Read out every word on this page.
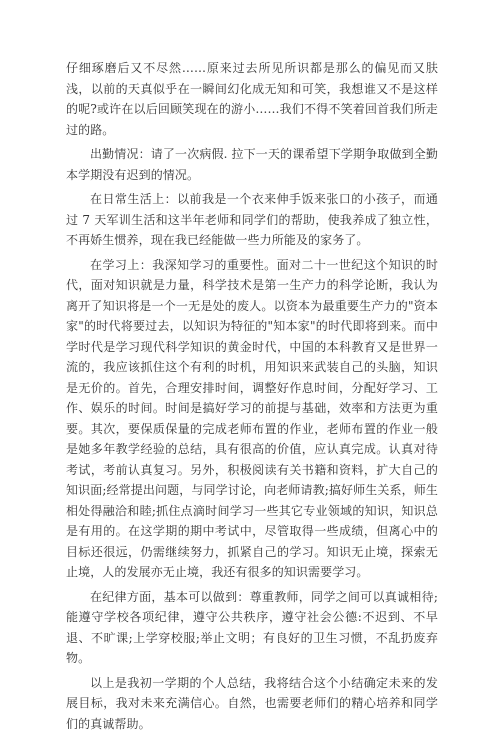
仔细琢磨后又不尽然……原来过去所见所识都是那么的偏见而又肤浅，以前的天真似乎在一瞬间幻化成无知和可笑，我想谁又不是这样的呢?或许在以后回顾笑现在的游小……我们不得不笑着回首我们所走过的路。

出勤情况：请了一次病假. 拉下一天的课希望下学期争取做到全勤本学期没有迟到的情况。

在日常生活上：以前我是一个衣来伸手饭来张口的小孩子，而通过 7 天军训生活和这半年老师和同学们的帮助，使我养成了独立性，不再娇生惯养，现在我已经能做一些力所能及的家务了。

在学习上：我深知学习的重要性。面对二十一世纪这个知识的时代，面对知识就是力量，科学技术是第一生产力的科学论断，我认为离开了知识将是一个一无是处的废人。以资本为最重要生产力的"资本家"的时代将要过去，以知识为特征的"知本家"的时代即将到来。而中学时代是学习现代科学知识的黄金时代，中国的本科教育又是世界一流的，我应该抓住这个有利的时机，用知识来武装自己的头脑，知识是无价的。首先，合理安排时间，调整好作息时间，分配好学习、工作、娱乐的时间。时间是搞好学习的前提与基础，效率和方法更为重要。其次，要保质保量的完成老师布置的作业，老师布置的作业一般是她多年教学经验的总结，具有很高的价值，应认真完成。认真对待考试，考前认真复习。另外，积极阅读有关书籍和资料，扩大自己的知识面;经常提出问题，与同学讨论，向老师请教;搞好师生关系，师生相处得融洽和睦;抓住点滴时间学习一些其它专业领域的知识，知识总是有用的。在这学期的期中考试中，尽管取得一些成绩，但离心中的目标还很远，仍需继续努力，抓紧自己的学习。知识无止境，探索无止境，人的发展亦无止境，我还有很多的知识需要学习。

在纪律方面，基本可以做到：尊重教师，同学之间可以真诚相待;能遵守学校各项纪律，遵守公共秩序，遵守社会公德:不迟到、不早退、不旷课;上学穿校服;举止文明；有良好的卫生习惯，不乱扔废弃物。

以上是我初一学期的个人总结，我将结合这个小结确定未来的发展目标，我对未来充满信心。自然，也需要老师们的精心培养和同学们的真诚帮助。
